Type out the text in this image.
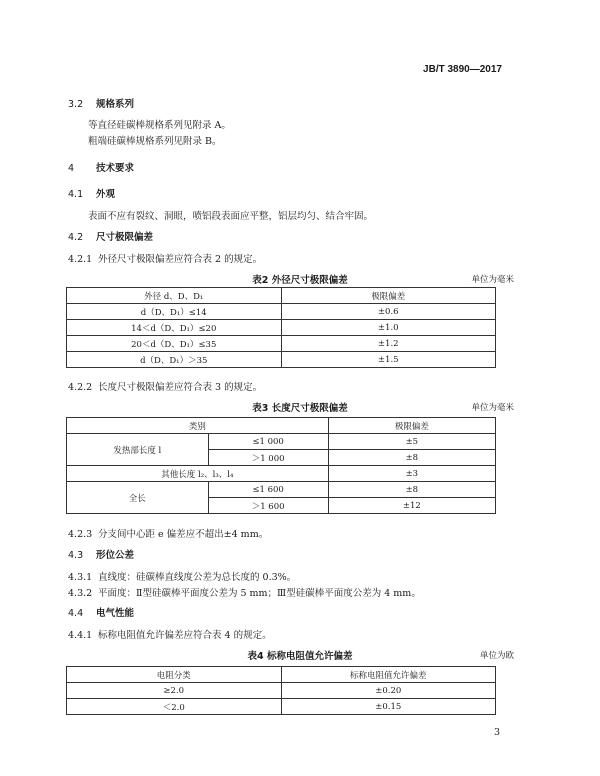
JB/T 3890—2017
3.2 规格系列
等直径硅碳棒规格系列见附录 A。
粗端硅碳棒规格系列见附录 B。
4 技术要求
4.1 外观
表面不应有裂纹、洞眼，喷铝段表面应平整，铝层均匀、结合牢固。
4.2 尺寸极限偏差
4.2.1 外径尺寸极限偏差应符合表 2 的规定。
表2 外径尺寸极限偏差	单位为毫米
外径 d、D、D₁	极限偏差
d（D、D₁）≤14	±0.6
14＜d（D、D₁）≤20	±1.0
20＜d（D、D₁）≤35	±1.2
d（D、D₁）＞35	±1.5
4.2.2 长度尺寸极限偏差应符合表 3 的规定。
表3 长度尺寸极限偏差	单位为毫米
类别		极限偏差
发热部长度 l	≤1 000	±5
	＞1 000	±8
其他长度 l₂、l₃、l₄		±3
全长	≤1 600	±8
	＞1 600	±12
4.2.3 分支间中心距 e 偏差应不超出±4 mm。
4.3 形位公差
4.3.1 直线度：硅碳棒直线度公差为总长度的 0.3%。
4.3.2 平面度：Ⅱ型硅碳棒平面度公差为 5 mm；Ⅲ型硅碳棒平面度公差为 4 mm。
4.4 电气性能
4.4.1 标称电阻值允许偏差应符合表 4 的规定。
表4 标称电阻值允许偏差	单位为欧
电阻分类	标称电阻值允许偏差
≥2.0	±0.20
＜2.0	±0.15
3
